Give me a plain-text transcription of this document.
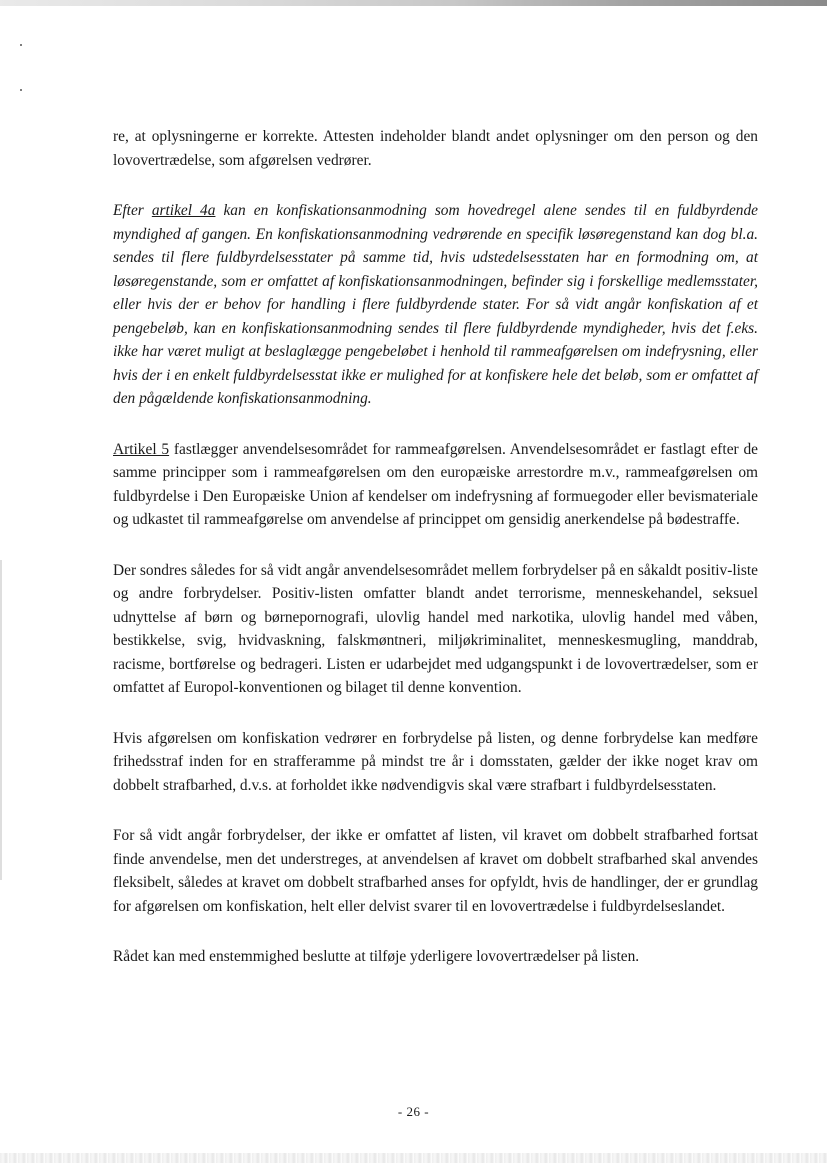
re, at oplysningerne er korrekte. Attesten indeholder blandt andet oplysninger om den person og den lovovertrædelse, som afgørelsen vedrører.

Efter artikel 4a kan en konfiskationsanmodning som hovedregel alene sendes til en fuldbyrdende myndighed af gangen. En konfiskationsanmodning vedrørende en specifik løsøregenstand kan dog bl.a. sendes til flere fuldbyrdelsesstater på samme tid, hvis udstedelsesstaten har en formodning om, at løsøregenstande, som er omfattet af konfiskationsanmodningen, befinder sig i forskellige medlemsstater, eller hvis der er behov for handling i flere fuldbyrdende stater. For så vidt angår konfiskation af et pengebeløb, kan en konfiskationsanmodning sendes til flere fuldbyrdende myndigheder, hvis det f.eks. ikke har været muligt at beslaglægge pengebeløbet i henhold til rammeafgørelsen om indefrysning, eller hvis der i en enkelt fuldbyrdelsesstat ikke er mulighed for at konfiskere hele det beløb, som er omfattet af den pågældende konfiskationsanmodning.

Artikel 5 fastlægger anvendelsesområdet for rammeafgørelsen. Anvendelsesområdet er fastlagt efter de samme principper som i rammeafgørelsen om den europæiske arrestordre m.v., rammeafgørelsen om fuldbyrdelse i Den Europæiske Union af kendelser om indefrysning af formuegoder eller bevismateriale og udkastet til rammeafgørelse om anvendelse af princippet om gensidig anerkendelse på bødestraffe.

Der sondres således for så vidt angår anvendelsesområdet mellem forbrydelser på en såkaldt positiv-liste og andre forbrydelser. Positiv-listen omfatter blandt andet terrorisme, menneskehandel, seksuel udnyttelse af børn og børnepornografi, ulovlig handel med narkotika, ulovlig handel med våben, bestikkelse, svig, hvidvaskning, falskmøntneri, miljøkriminalitet, menneskesmugling, manddrab, racisme, bortførelse og bedrageri. Listen er udarbejdet med udgangspunkt i de lovovertrædelser, som er omfattet af Europol-konventionen og bilaget til denne konvention.

Hvis afgørelsen om konfiskation vedrører en forbrydelse på listen, og denne forbrydelse kan medføre frihedsstraf inden for en strafferamme på mindst tre år i domsstaten, gælder der ikke noget krav om dobbelt strafbarhed, d.v.s. at forholdet ikke nødvendigvis skal være strafbart i fuldbyrdelsesstaten.

For så vidt angår forbrydelser, der ikke er omfattet af listen, vil kravet om dobbelt strafbarhed fortsat finde anvendelse, men det understreges, at anvendelsen af kravet om dobbelt strafbarhed skal anvendes fleksibelt, således at kravet om dobbelt strafbarhed anses for opfyldt, hvis de handlinger, der er grundlag for afgørelsen om konfiskation, helt eller delvist svarer til en lovovertrædelse i fuldbyrdelseslandet.

Rådet kan med enstemmighed beslutte at tilføje yderligere lovovertrædelser på listen.

- 26 -
